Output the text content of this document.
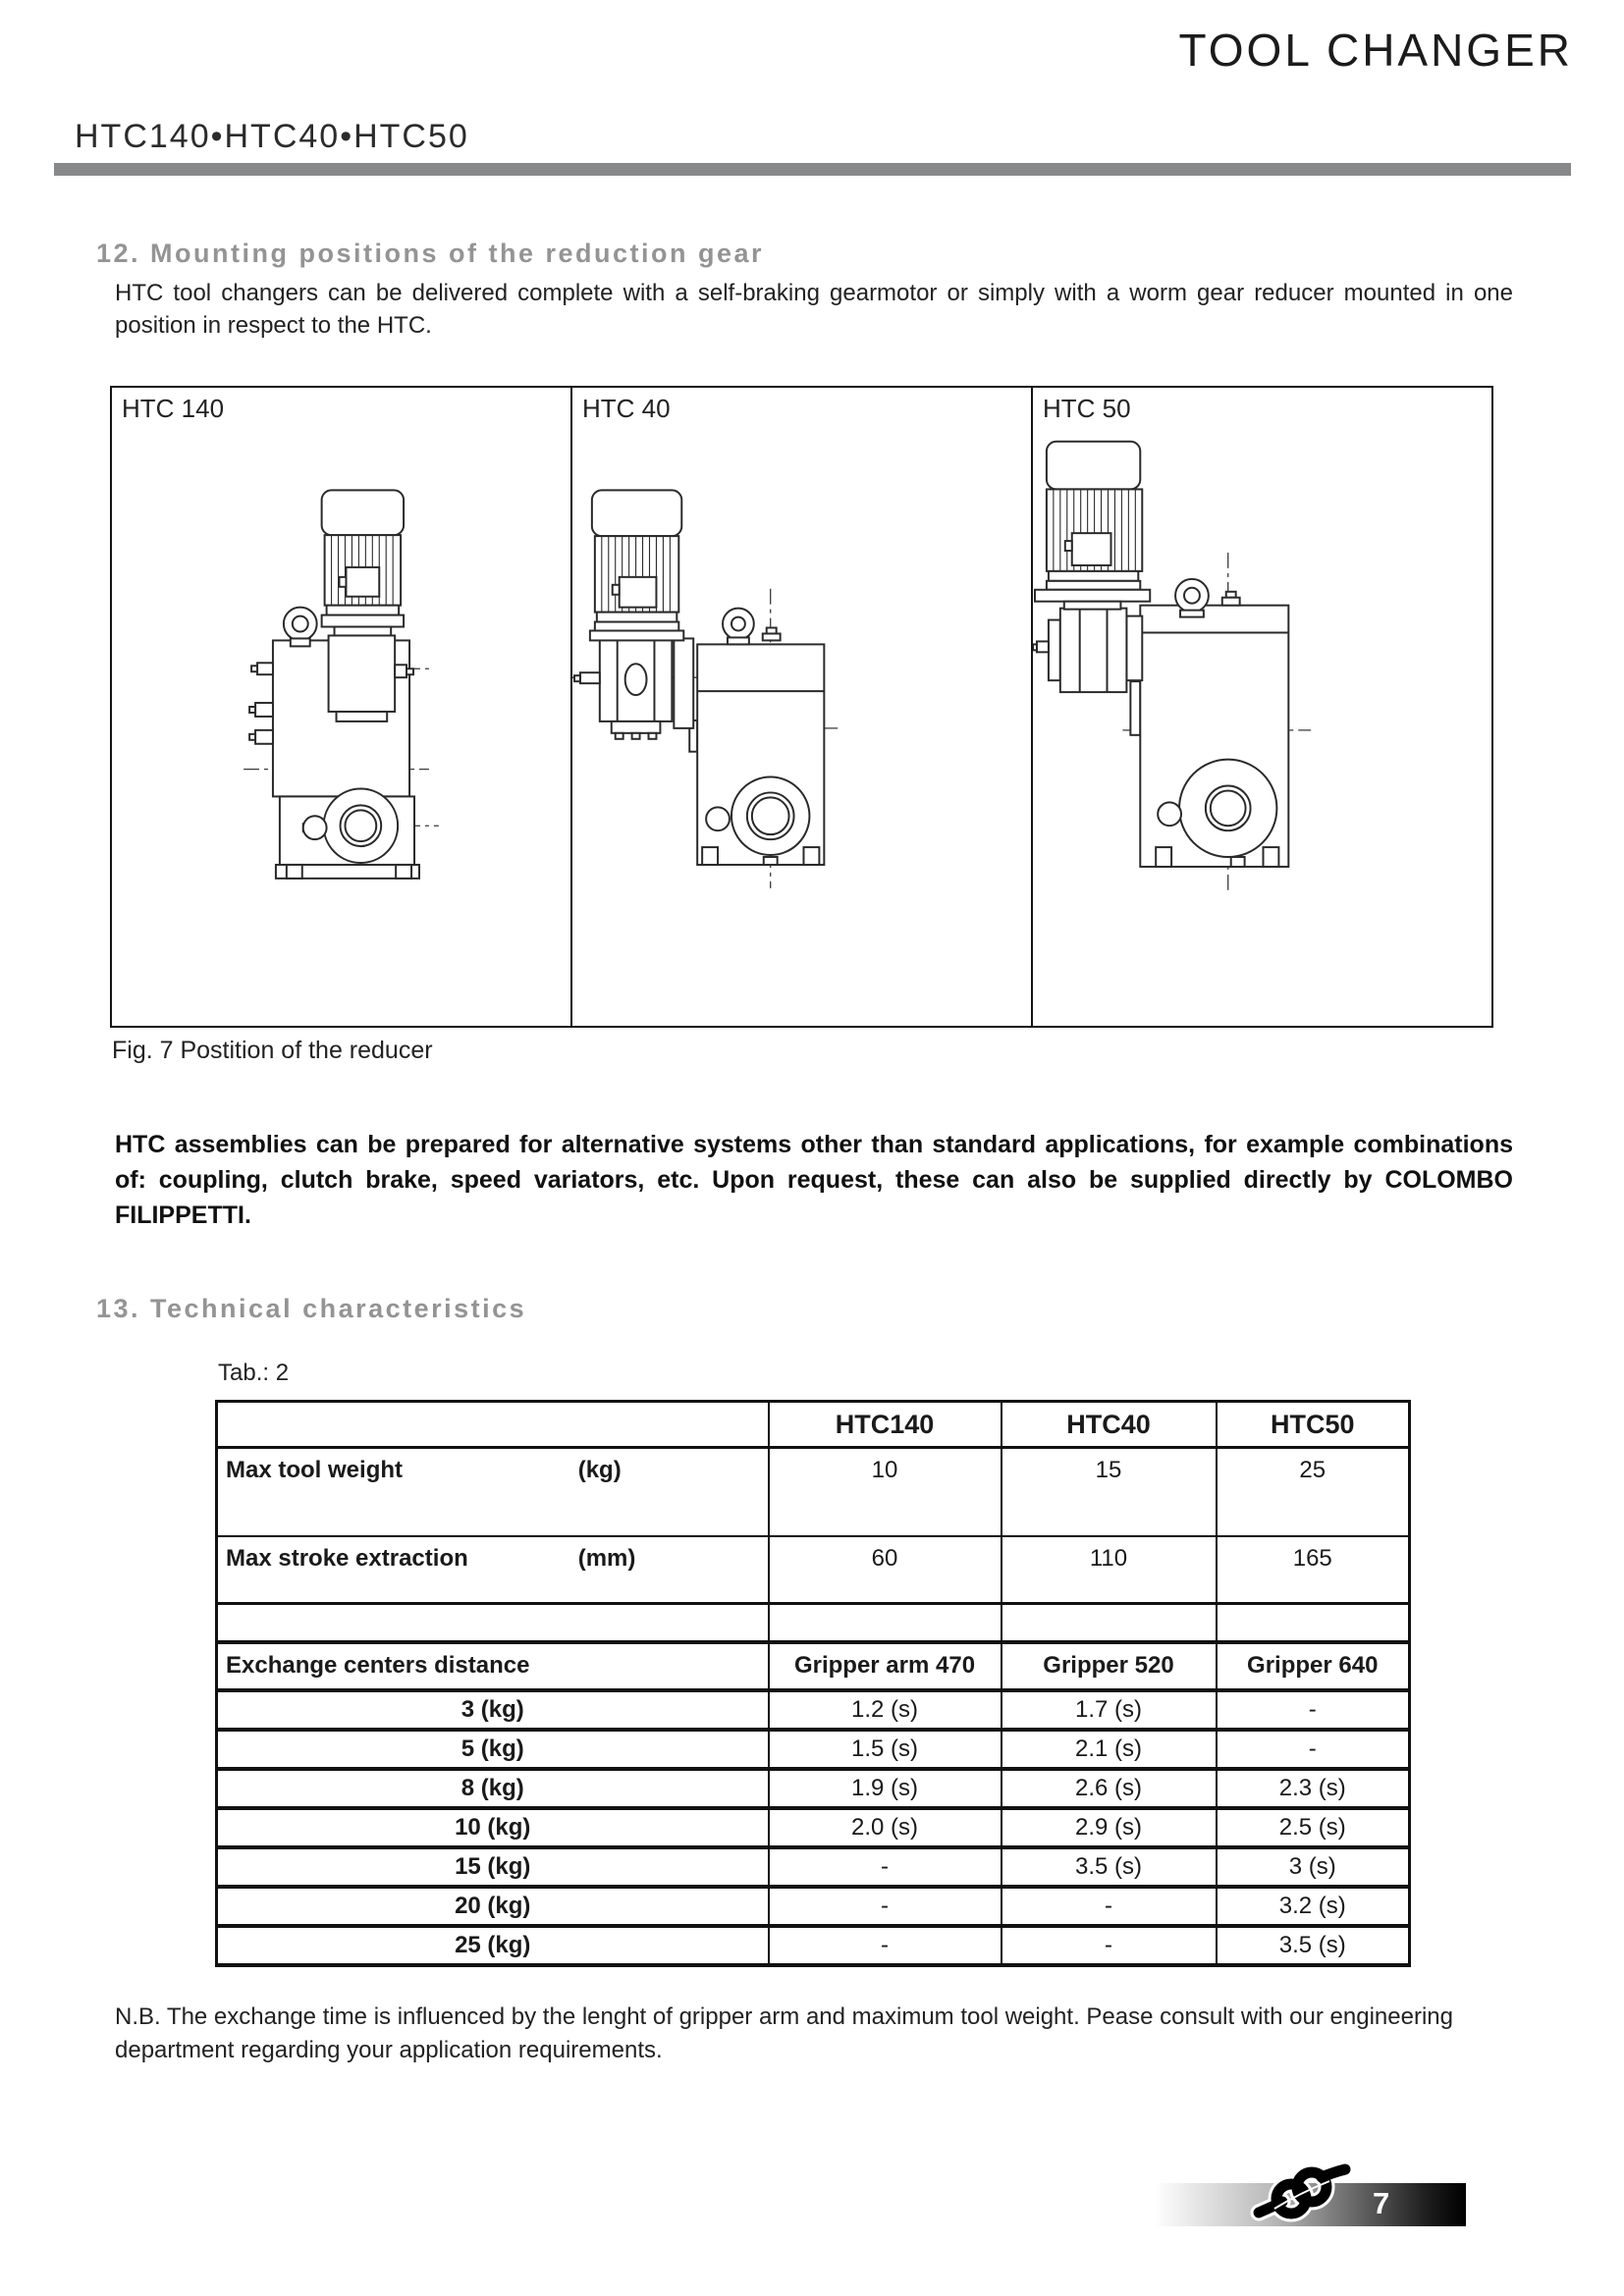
TOOL CHANGER
HTC140•HTC40•HTC50
12. Mounting positions of the reduction gear
HTC tool changers can be delivered complete with a self-braking gearmotor or simply with a worm gear reducer mounted in one position in respect to the HTC.
HTC 140	HTC 40	HTC 50
Fig. 7 Postition of the reducer
HTC assemblies can be prepared for alternative systems other than standard applications, for example combinations of: coupling, clutch brake, speed variators, etc. Upon request, these can also be supplied directly by COLOMBO FILIPPETTI.
13. Technical characteristics
Tab.: 2
	HTC140	HTC40	HTC50

Max tool weight (kg)	10	15	25

Max stroke extraction (mm)	60	110	165

Exchange centers distance	Gripper arm 470	Gripper 520	Gripper 640
3 (kg)	1.2 (s)	1.7 (s)	-
5 (kg)	1.5 (s)	2.1 (s)	-
8 (kg)	1.9 (s)	2.6 (s)	2.3 (s)
10 (kg)	2.0 (s)	2.9 (s)	2.5 (s)
15 (kg)	-	3.5 (s)	3 (s)
20 (kg)	-	-	3.2 (s)
25 (kg)	-	-	3.5 (s)
N.B. The exchange time is influenced by the lenght of gripper arm and maximum tool weight. Pease consult with our engineering department regarding your application requirements.
7
